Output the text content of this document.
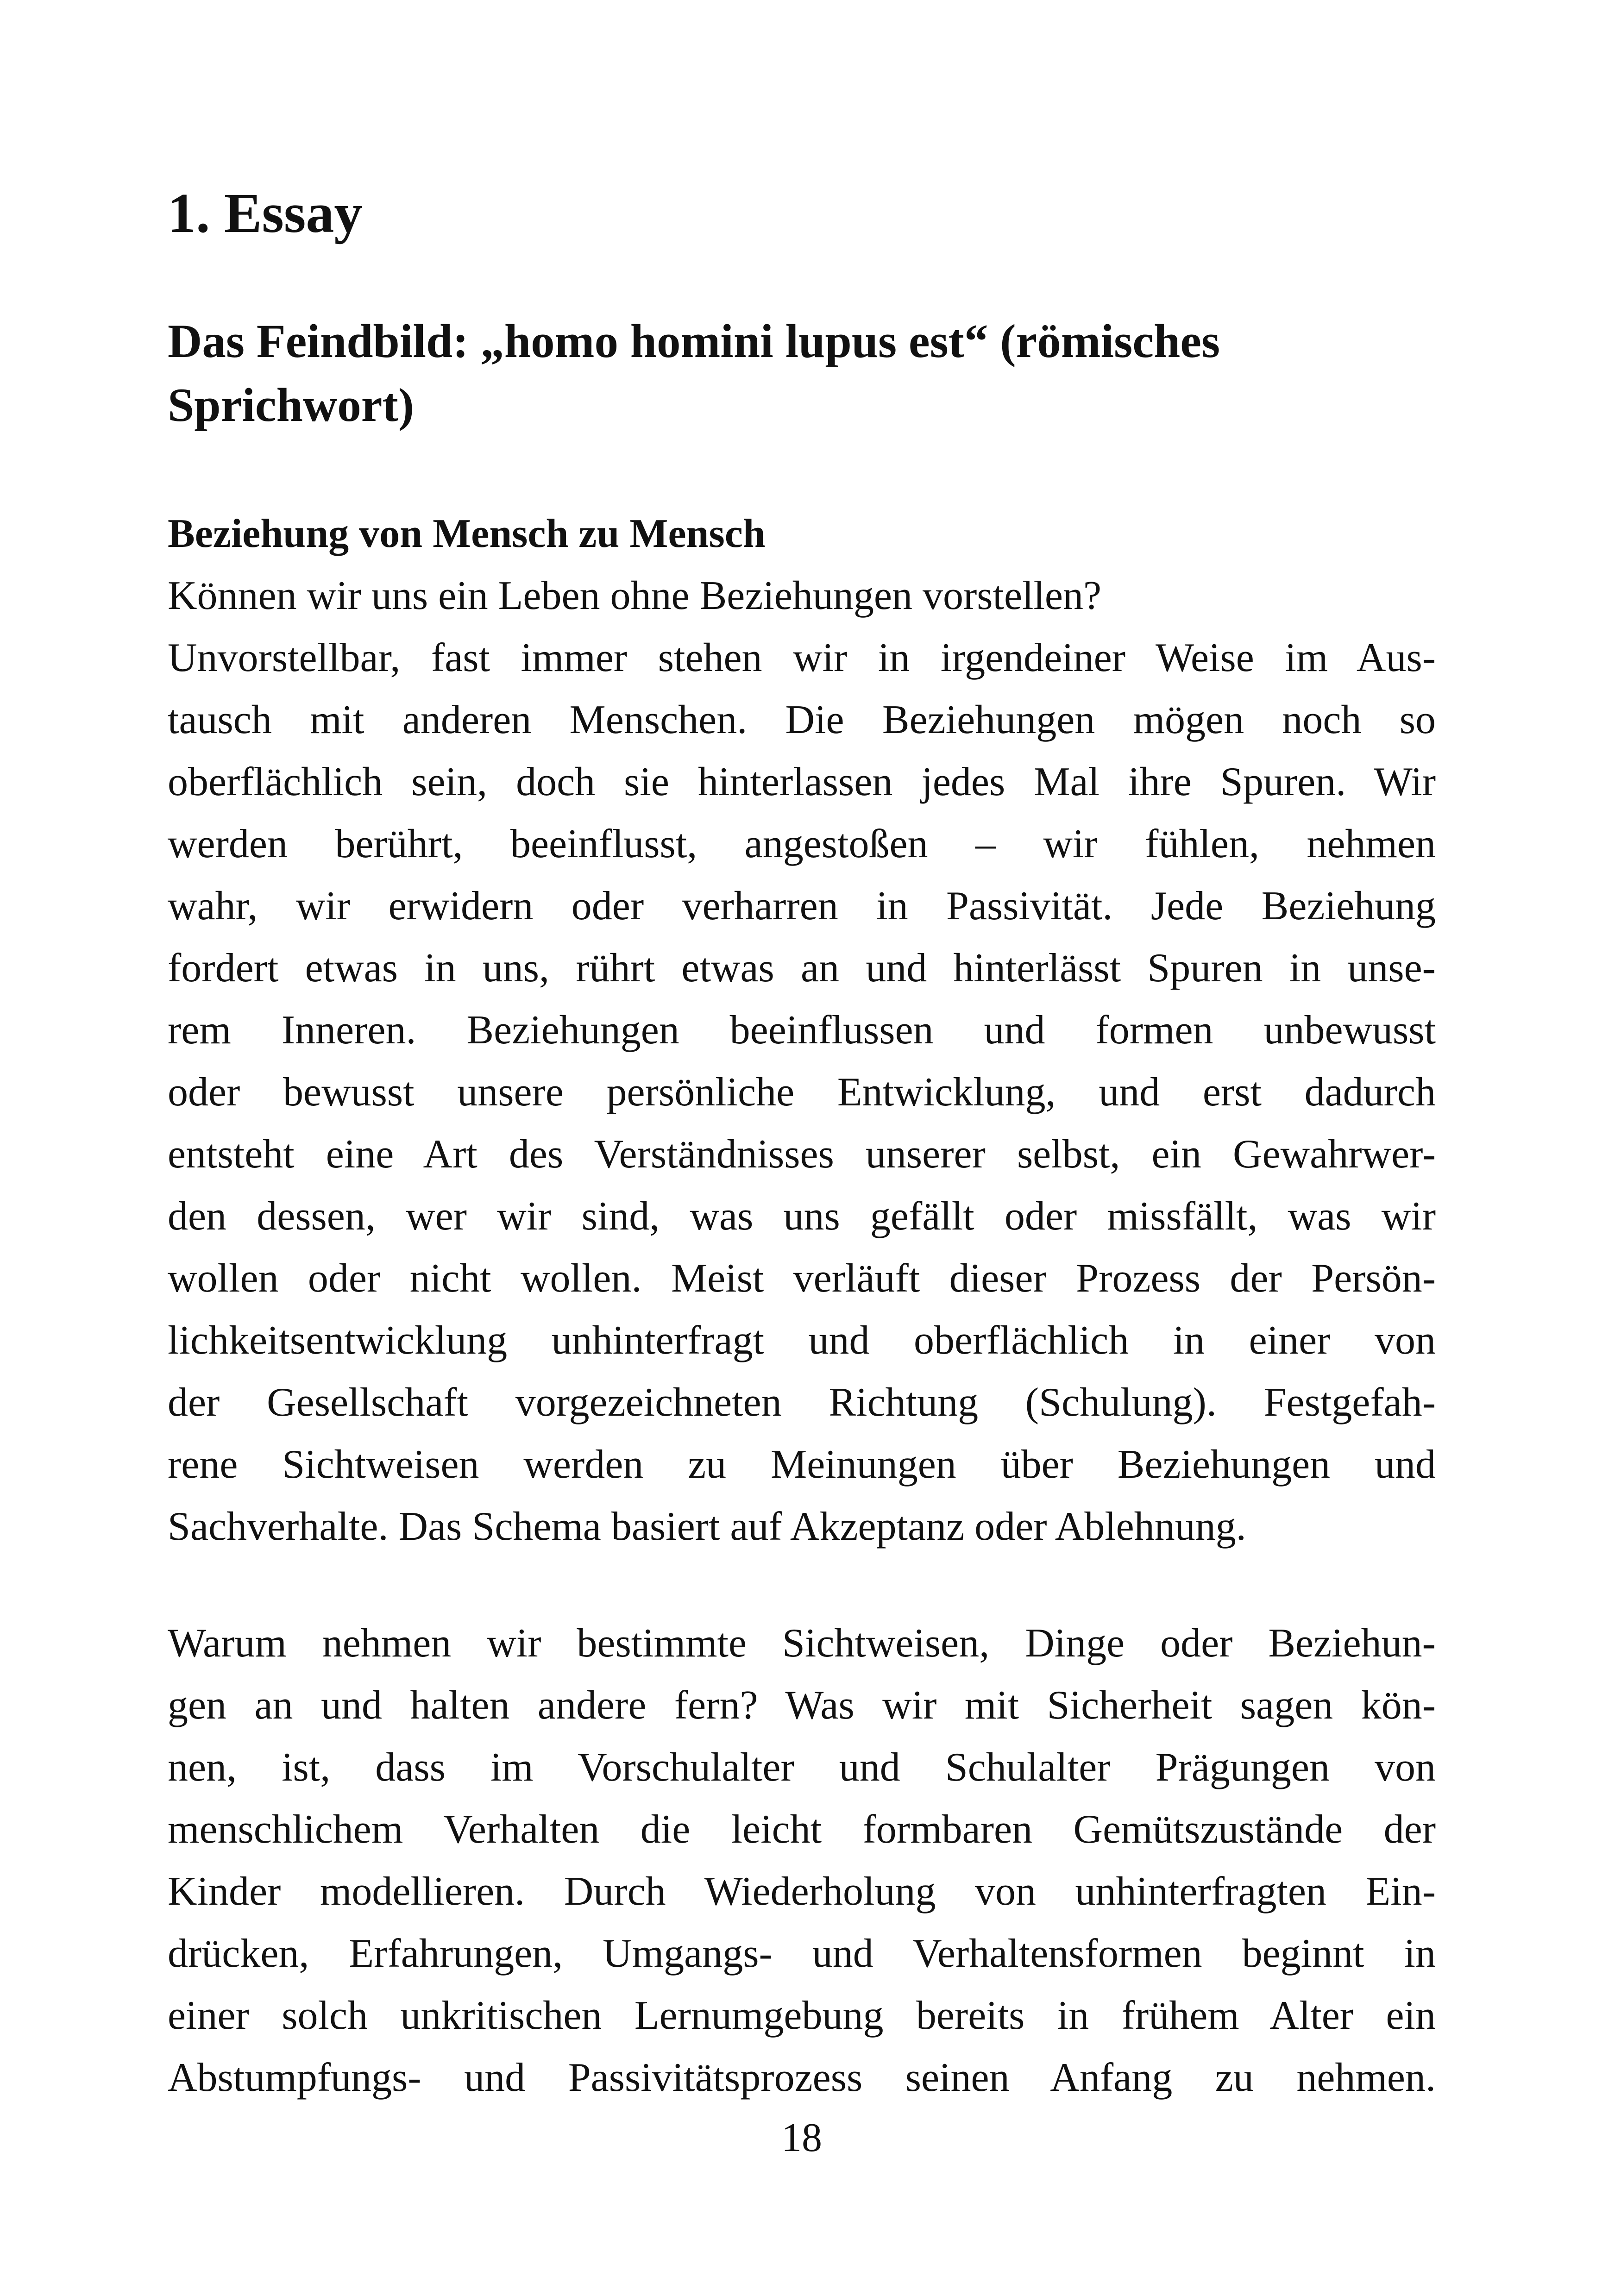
1. Essay
Das Feindbild: „homo homini lupus est“ (römisches
Sprichwort)
Beziehung von Mensch zu Mensch

Können wir uns ein Leben ohne Beziehungen vorstellen?
Unvorstellbar, fast immer stehen wir in irgendeiner Weise im Aus-
tausch mit anderen Menschen. Die Beziehungen mögen noch so
oberflächlich sein, doch sie hinterlassen jedes Mal ihre Spuren. Wir
werden berührt, beeinflusst, angestoßen – wir fühlen, nehmen
wahr, wir erwidern oder verharren in Passivität. Jede Beziehung
fordert etwas in uns, rührt etwas an und hinterlässt Spuren in unse-
rem Inneren. Beziehungen beeinflussen und formen unbewusst
oder bewusst unsere persönliche Entwicklung, und erst dadurch
entsteht eine Art des Verständnisses unserer selbst, ein Gewahrwer-
den dessen, wer wir sind, was uns gefällt oder missfällt, was wir
wollen oder nicht wollen. Meist verläuft dieser Prozess der Persön-
lichkeitsentwicklung unhinterfragt und oberflächlich in einer von
der Gesellschaft vorgezeichneten Richtung (Schulung). Festgefah-
rene Sichtweisen werden zu Meinungen über Beziehungen und
Sachverhalte. Das Schema basiert auf Akzeptanz oder Ablehnung.

Warum nehmen wir bestimmte Sichtweisen, Dinge oder Beziehun-
gen an und halten andere fern? Was wir mit Sicherheit sagen kön-
nen, ist, dass im Vorschulalter und Schulalter Prägungen von
menschlichem Verhalten die leicht formbaren Gemütszustände der
Kinder modellieren. Durch Wiederholung von unhinterfragten Ein-
drücken, Erfahrungen, Umgangs- und Verhaltensformen beginnt in
einer solch unkritischen Lernumgebung bereits in frühem Alter ein
Abstumpfungs- und Passivitätsprozess seinen Anfang zu nehmen.

18
